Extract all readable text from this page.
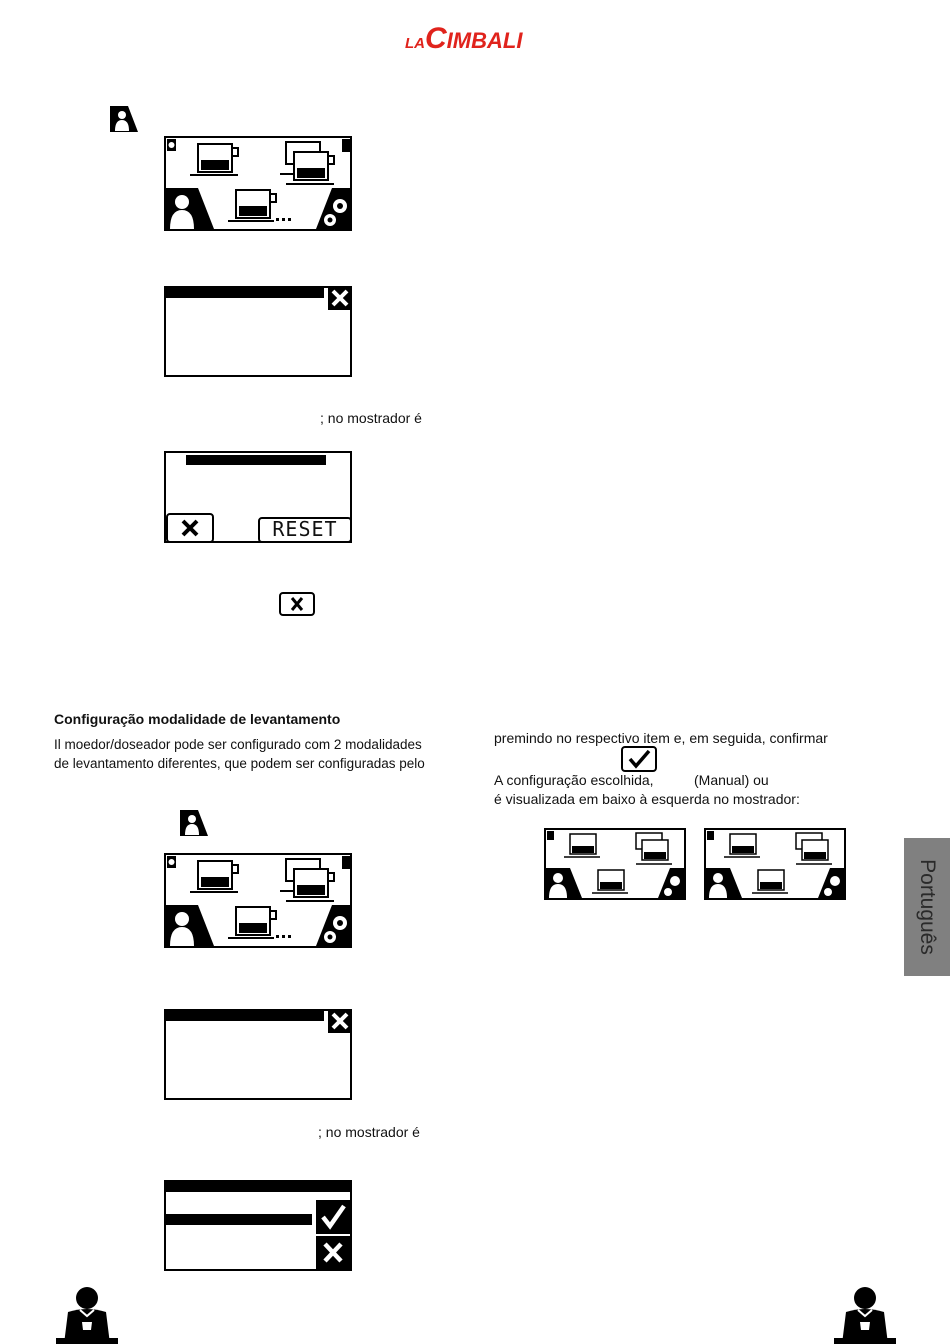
LACIMBALI
; no mostrador é
RESET
Configuração modalidade de levantamento
Il moedor/doseador pode ser configurado com 2 modalidades
de levantamento diferentes, que podem ser configuradas pelo
premindo no respectivo item e, em seguida, confirmar
A configuração escolhida,	(Manual) ou
é visualizada em baixo à esquerda no mostrador:
Português
; no mostrador é
